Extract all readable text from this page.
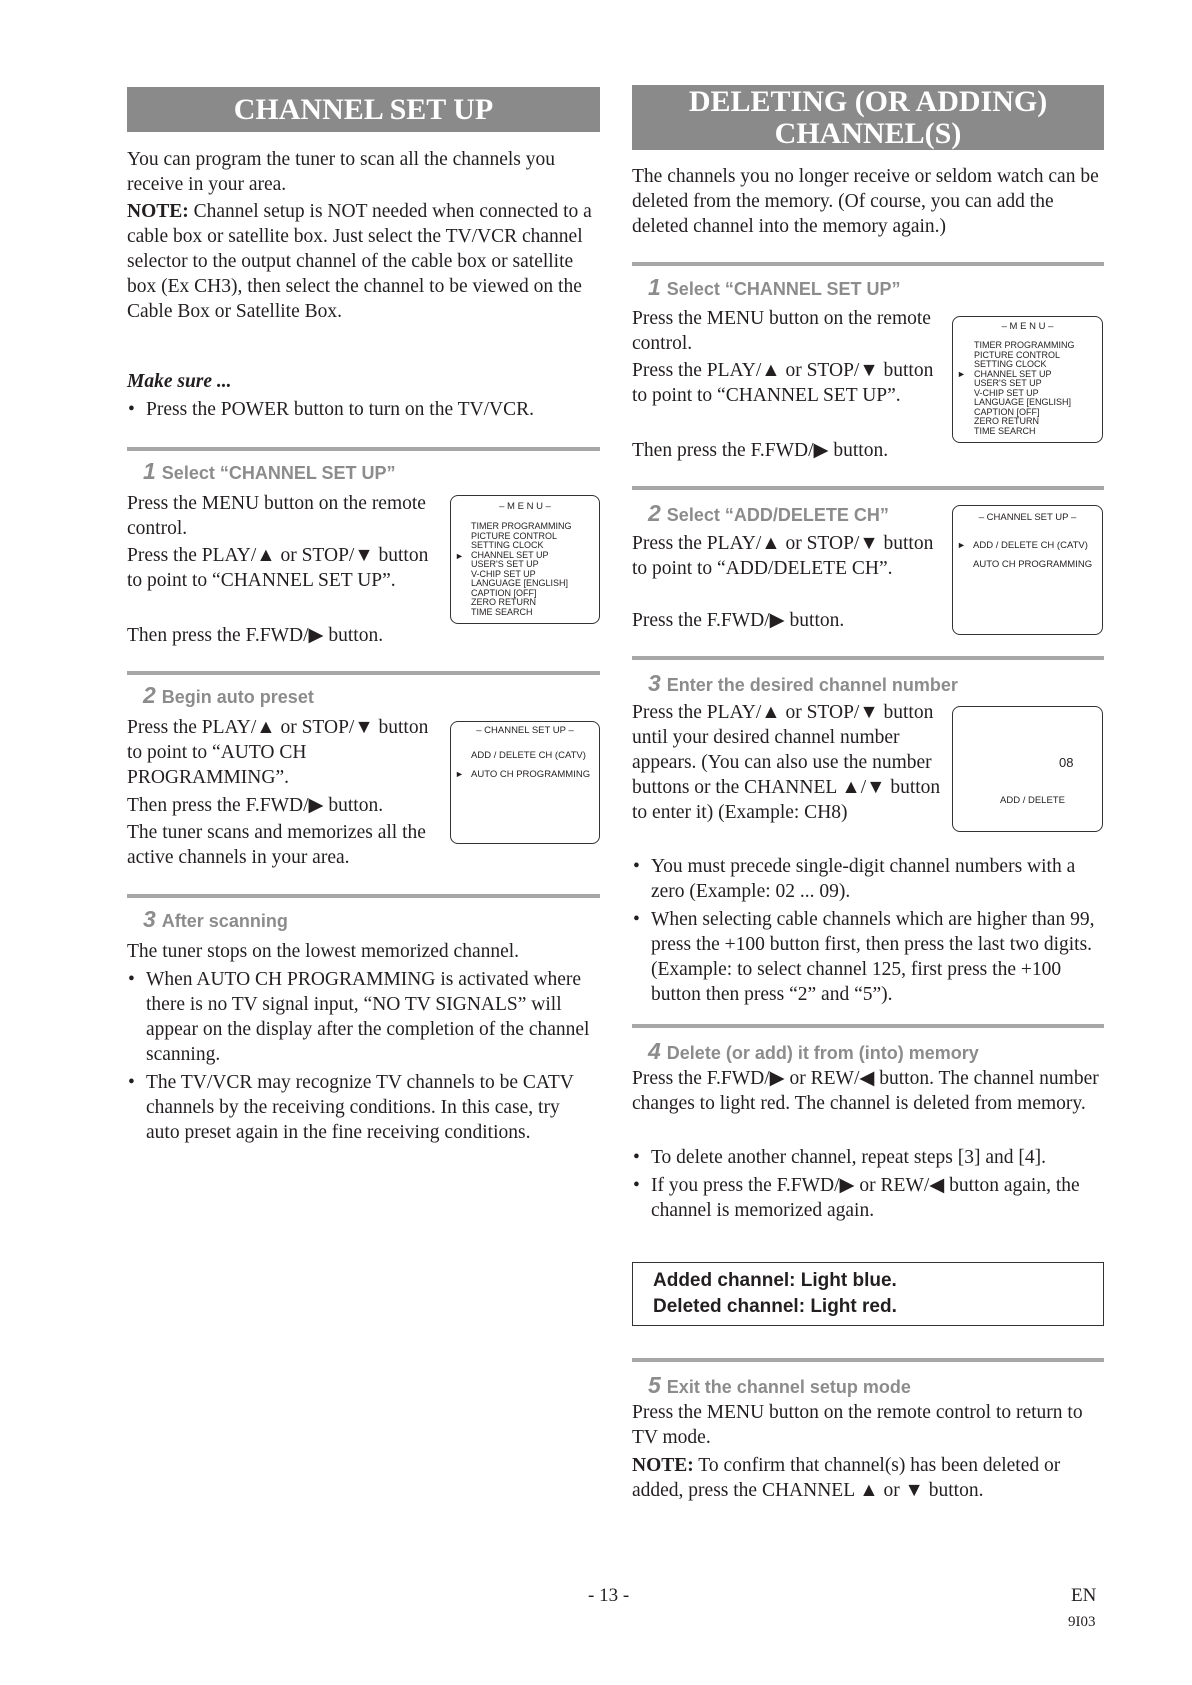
CHANNEL SET UP

You can program the tuner to scan all the channels you receive in your area.

NOTE: Channel setup is NOT needed when connected to a cable box or satellite box. Just select the TV/VCR channel selector to the output channel of the cable box or satellite box (Ex CH3), then select the channel to be viewed on the Cable Box or Satellite Box.

Make sure ...

• Press the POWER button to turn on the TV/VCR.
1 Select “CHANNEL SET UP”

Press the MENU button on the remote control.

Press the PLAY/▲ or STOP/▼ button to point to “CHANNEL SET UP”.

Then press the F.FWD/▶ button.

– M E N U –
►
TIMER PROGRAMMING
PICTURE CONTROL
SETTING CLOCK
CHANNEL SET UP
USER'S SET UP
V-CHIP SET UP
LANGUAGE [ENGLISH]
CAPTION [OFF]
ZERO RETURN
TIME SEARCH
2 Begin auto preset

Press the PLAY/▲ or STOP/▼ button to point to “AUTO CH PROGRAMMING”.

Then press the F.FWD/▶ button.

The tuner scans and memorizes all the active channels in your area.

– CHANNEL SET UP –
ADD / DELETE CH (CATV)
► AUTO CH PROGRAMMING
3 After scanning

The tuner stops on the lowest memorized channel.

• When AUTO CH PROGRAMMING is activated where there is no TV signal input, “NO TV SIGNALS” will appear on the display after the completion of the channel scanning.
• The TV/VCR may recognize TV channels to be CATV channels by the receiving conditions. In this case, try auto preset again in the fine receiving conditions.
DELETING (OR ADDING)
CHANNEL(S)

The channels you no longer receive or seldom watch can be deleted from the memory. (Of course, you can add the deleted channel into the memory again.)

1 Select “CHANNEL SET UP”

Press the MENU button on the remote control.

Press the PLAY/▲ or STOP/▼ button to point to “CHANNEL SET UP”.

Then press the F.FWD/▶ button.

– M E N U –
►
TIMER PROGRAMMING
PICTURE CONTROL
SETTING CLOCK
CHANNEL SET UP
USER'S SET UP
V-CHIP SET UP
LANGUAGE [ENGLISH]
CAPTION [OFF]
ZERO RETURN
TIME SEARCH
2 Select “ADD/DELETE CH”

Press the PLAY/▲ or STOP/▼ button to point to “ADD/DELETE CH”.

Press the F.FWD/▶ button.

– CHANNEL SET UP –
► ADD / DELETE CH (CATV)
AUTO CH PROGRAMMING
3 Enter the desired channel number

Press the PLAY/▲ or STOP/▼ button until your desired channel number appears. (You can also use the number buttons or the CHANNEL ▲/▼ button to enter it) (Example: CH8)

08
ADD / DELETE
• You must precede single-digit channel numbers with a zero (Example: 02 ... 09).
• When selecting cable channels which are higher than 99, press the +100 button first, then press the last two digits. (Example: to select channel 125, first press the +100 button then press “2” and “5”).
4 Delete (or add) it from (into) memory

Press the F.FWD/▶ or REW/◀ button. The channel number changes to light red. The channel is deleted from memory.

• To delete another channel, repeat steps [3] and [4].
• If you press the F.FWD/▶ or REW/◀ button again, the channel is memorized again.
Added channel: Light blue.
Deleted channel: Light red.
5 Exit the channel setup mode

Press the MENU button on the remote control to return to TV mode.

NOTE: To confirm that channel(s) has been deleted or added, press the CHANNEL ▲ or ▼ button.

- 13 -	EN
9I03
